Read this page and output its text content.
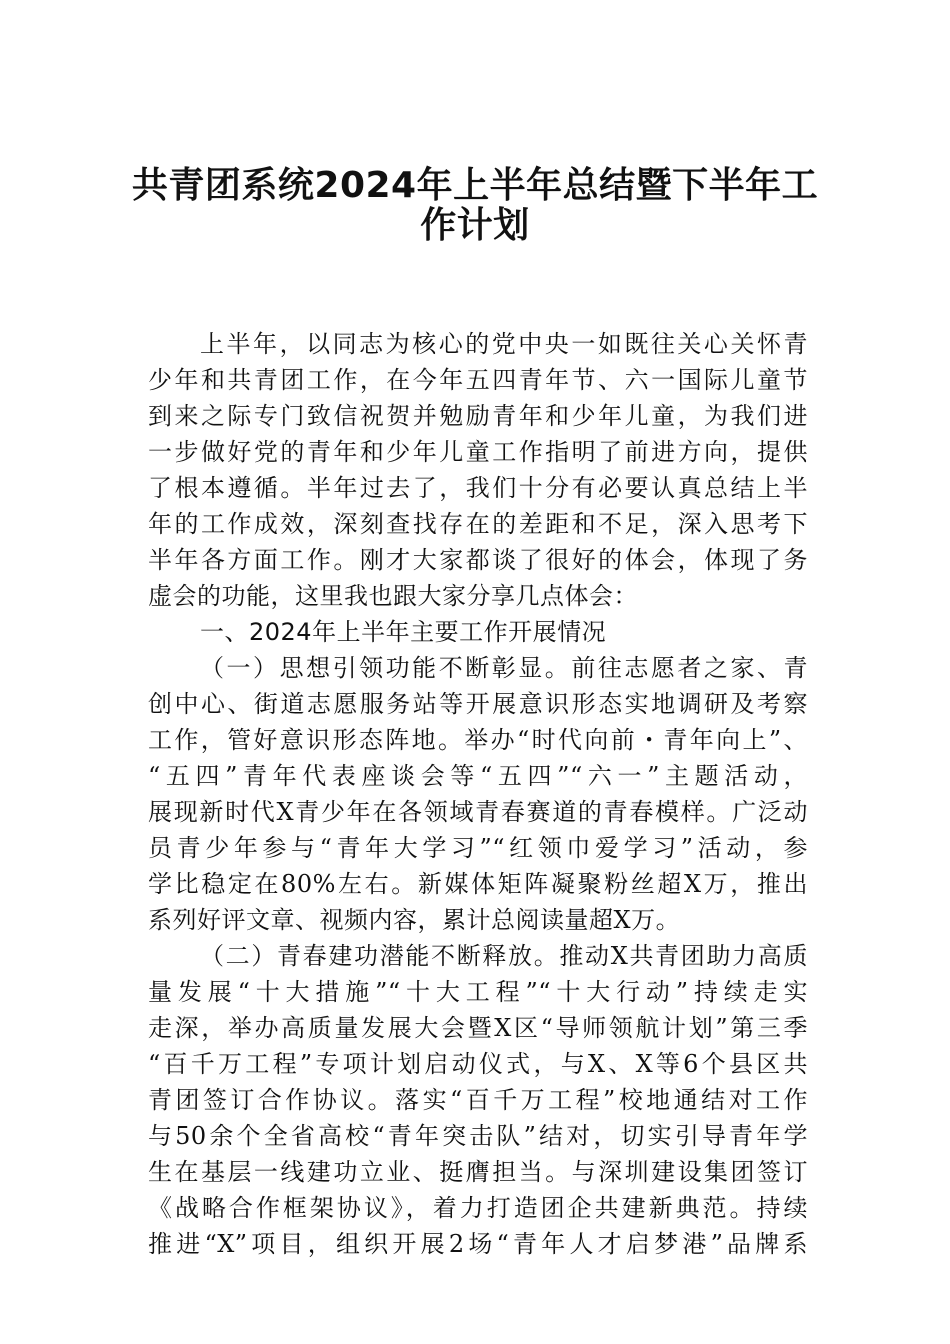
共青团系统2024年上半年总结暨下半年工
作计划
上半年，以同志为核心的党中央一如既往关心关怀青
少年和共青团工作，在今年五四青年节、六一国际儿童节
到来之际专门致信祝贺并勉励青年和少年儿童，为我们进
一步做好党的青年和少年儿童工作指明了前进方向，提供
了根本遵循。半年过去了，我们十分有必要认真总结上半
年的工作成效，深刻查找存在的差距和不足，深入思考下
半年各方面工作。刚才大家都谈了很好的体会，体现了务
虚会的功能，这里我也跟大家分享几点体会：
一、2024年上半年主要工作开展情况
（一）思想引领功能不断彰显。前往志愿者之家、青
创中心、街道志愿服务站等开展意识形态实地调研及考察
工作，管好意识形态阵地。举办“时代向前・青年向上”、
“五四”青年代表座谈会等“五四”“六一”主题活动，
展现新时代X青少年在各领域青春赛道的青春模样。广泛动
员青少年参与“青年大学习”“红领巾爱学习”活动，参
学比稳定在80%左右。新媒体矩阵凝聚粉丝超X万，推出
系列好评文章、视频内容，累计总阅读量超X万。
（二）青春建功潜能不断释放。推动X共青团助力高质
量发展“十大措施”“十大工程”“十大行动”持续走实
走深，举办高质量发展大会暨X区“导师领航计划”第三季
“百千万工程”专项计划启动仪式，与X、X等6个县区共
青团签订合作协议。落实“百千万工程”校地通结对工作
与50余个全省高校“青年突击队”结对，切实引导青年学
生在基层一线建功立业、挺膺担当。与深圳建设集团签订
《战略合作框架协议》，着力打造团企共建新典范。持续
推进“X”项目，组织开展2场“青年人才启梦港”品牌系
